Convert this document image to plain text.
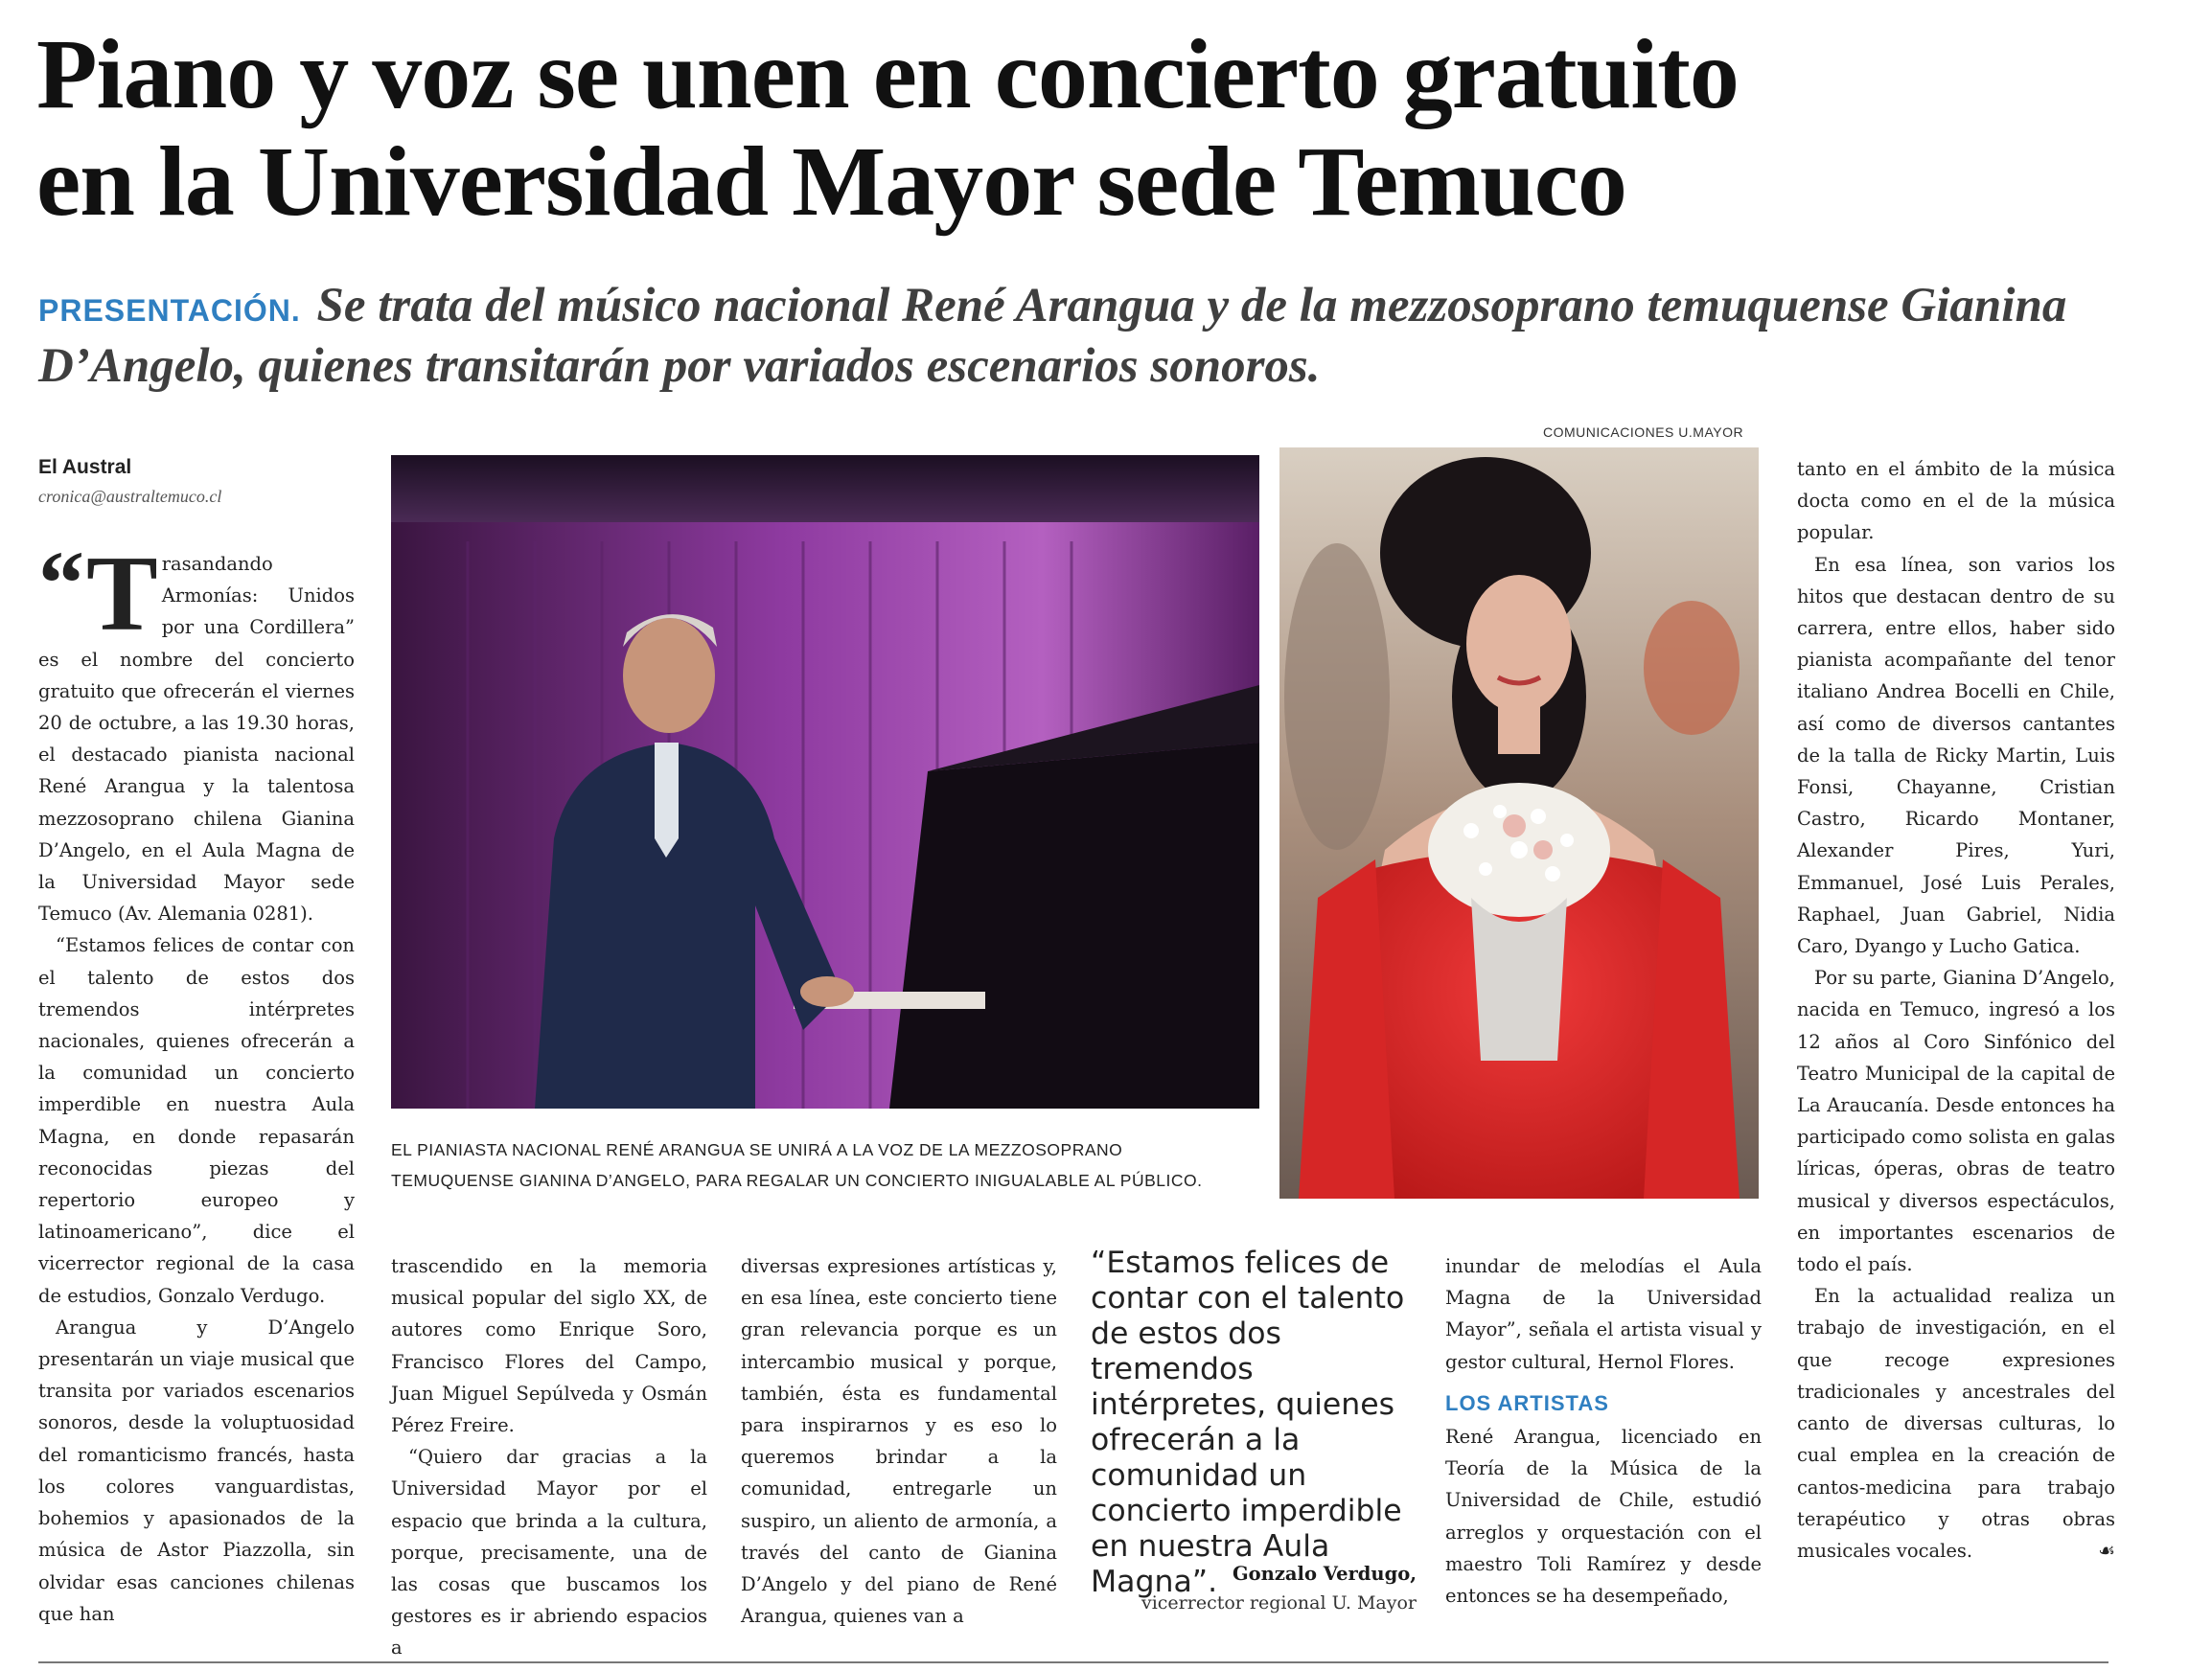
Piano y voz se unen en concierto gratuito
en la Universidad Mayor sede Temuco

PRESENTACIÓN. Se trata del músico nacional René Arangua y de la mezzosoprano temuquense Gianina D’Angelo, quienes transitarán por variados escenarios sonoros.

COMUNICACIONES U.MAYOR
El Austral
cronica@australtemuco.cl
“ T rasandando Armonías: Unidos por una Cordillera” es el nombre del concierto gratuito que ofrecerán el viernes 20 de octubre, a las 19.30 horas, el destacado pianista nacional René Arangua y la talentosa mezzosoprano chilena Gianina D’Angelo, en el Aula Magna de la Universidad Mayor sede Temuco (Av. Alemania 0281).

“Estamos felices de contar con el talento de estos dos tremendos intérpretes nacionales, quienes ofrecerán a la comunidad un concierto imperdible en nuestra Aula Magna, en donde repasarán reconocidas piezas del repertorio europeo y latinoamericano”, dice el vicerrector regional de la casa de estudios, Gonzalo Verdugo.

Arangua y D’Angelo presentarán un viaje musical que transita por variados escenarios sonoros, desde la voluptuosidad del romanticismo francés, hasta los colores vanguardistas, bohemios y apasionados de la música de Astor Piazzolla, sin olvidar esas canciones chilenas que han

EL PIANIASTA NACIONAL RENÉ ARANGUA SE UNIRÁ A LA VOZ DE LA MEZZOSOPRANO TEMUQUENSE GIANINA D’ANGELO, PARA REGALAR UN CONCIERTO INIGUALABLE AL PÚBLICO.

trascendido en la memoria musical popular del siglo XX, de autores como Enrique Soro, Francisco Flores del Campo, Juan Miguel Sepúlveda y Osmán Pérez Freire.

“Quiero dar gracias a la Universidad Mayor por el espacio que brinda a la cultura, porque, precisamente, una de las cosas que buscamos los gestores es ir abriendo espacios a

diversas expresiones artísticas y, en esa línea, este concierto tiene gran relevancia porque es un intercambio musical y porque, también, ésta es fundamental para inspirarnos y es eso lo queremos brindar a la comunidad, entregarle un suspiro, un aliento de armonía, a través del canto de Gianina D’Angelo y del piano de René Arangua, quienes van a

“Estamos felices de contar con el talento de estos dos tremendos intérpretes, quienes ofrecerán a la comunidad un concierto imperdible en nuestra Aula Magna”. Gonzalo Verdugo,
vicerrector regional U. Mayor

inundar de melodías el Aula Magna de la Universidad Mayor”, señala el artista visual y gestor cultural, Hernol Flores.

LOS ARTISTAS

René Arangua, licenciado en Teoría de la Música de la Universidad de Chile, estudió arreglos y orquestación con el maestro Toli Ramírez y desde entonces se ha desempeñado,

tanto en el ámbito de la música docta como en el de la música popular.

En esa línea, son varios los hitos que destacan dentro de su carrera, entre ellos, haber sido pianista acompañante del tenor italiano Andrea Bocelli en Chile, así como de diversos cantantes de la talla de Ricky Martin, Luis Fonsi, Chayanne, Cristian Castro, Ricardo Montaner, Alexander Pires, Yuri, Emmanuel, José Luis Perales, Raphael, Juan Gabriel, Nidia Caro, Dyango y Lucho Gatica.

Por su parte, Gianina D’Angelo, nacida en Temuco, ingresó a los 12 años al Coro Sinfónico del Teatro Municipal de la capital de La Araucanía. Desde entonces ha participado como solista en galas líricas, óperas, obras de teatro musical y diversos espectáculos, en importantes escenarios de todo el país.

En la actualidad realiza un trabajo de investigación, en el que recoge expresiones tradicionales y ancestrales del canto de diversas culturas, lo cual emplea en la creación de cantos-medicina para trabajo terapéutico y otras obras musicales vocales.	☙
